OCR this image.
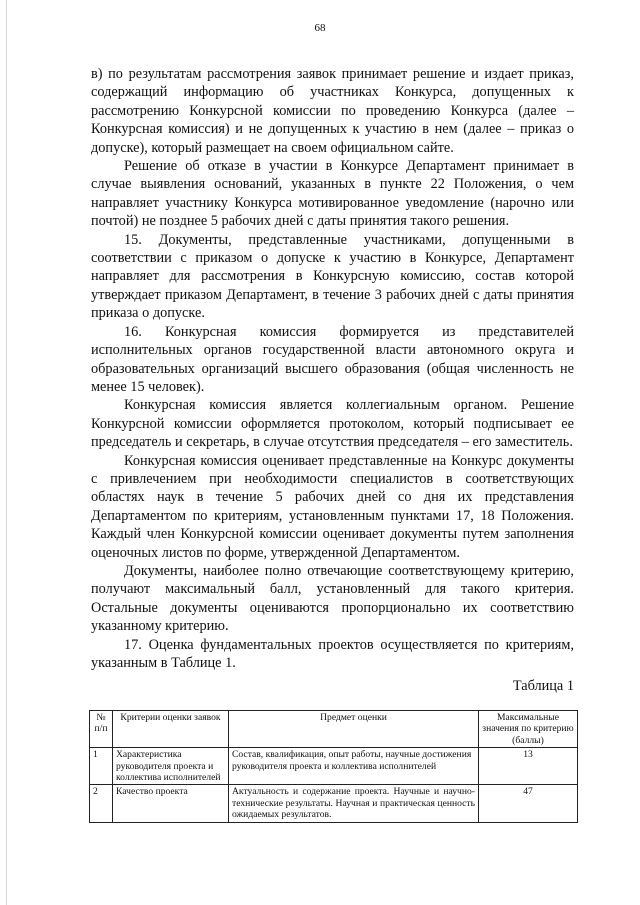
68

в) по результатам рассмотрения заявок принимает решение и издает приказ, содержащий информацию об участниках Конкурса, допущенных к рассмотрению Конкурсной комиссии по проведению Конкурса (далее – Конкурсная комиссия) и не допущенных к участию в нем (далее – приказ о допуске), который размещает на своем официальном сайте.

Решение об отказе в участии в Конкурсе Департамент принимает в случае выявления оснований, указанных в пункте 22 Положения, о чем направляет участнику Конкурса мотивированное уведомление (нарочно или почтой) не позднее 5 рабочих дней с даты принятия такого решения.

15. Документы, представленные участниками, допущенными в соответствии с приказом о допуске к участию в Конкурсе, Департамент направляет для рассмотрения в Конкурсную комиссию, состав которой утверждает приказом Департамент, в течение 3 рабочих дней с даты принятия приказа о допуске.

16. Конкурсная комиссия формируется из представителей исполнительных органов государственной власти автономного округа и образовательных организаций высшего образования (общая численность не менее 15 человек).

Конкурсная комиссия является коллегиальным органом. Решение Конкурсной комиссии оформляется протоколом, который подписывает ее председатель и секретарь, в случае отсутствия председателя – его заместитель.

Конкурсная комиссия оценивает представленные на Конкурс документы с привлечением при необходимости специалистов в соответствующих областях наук в течение 5 рабочих дней со дня их представления Департаментом по критериям, установленным пунктами 17, 18 Положения. Каждый член Конкурсной комиссии оценивает документы путем заполнения оценочных листов по форме, утвержденной Департаментом.

Документы, наиболее полно отвечающие соответствующему критерию, получают максимальный балл, установленный для такого критерия. Остальные документы оцениваются пропорционально их соответствию указанному критерию.

17. Оценка фундаментальных проектов осуществляется по критериям, указанным в Таблице 1.

Таблица 1
№ п/п	Критерии оценки заявок	Предмет оценки	Максимальные значения по критерию (баллы)
1	Характеристика руководителя проекта и коллектива исполнителей	Состав, квалификация, опыт работы, научные достижения руководителя проекта и коллектива исполнителей	13
2	Качество проекта	Актуальность и содержание проекта. Научные и научно-технические результаты. Научная и практическая ценность ожидаемых результатов.	47
